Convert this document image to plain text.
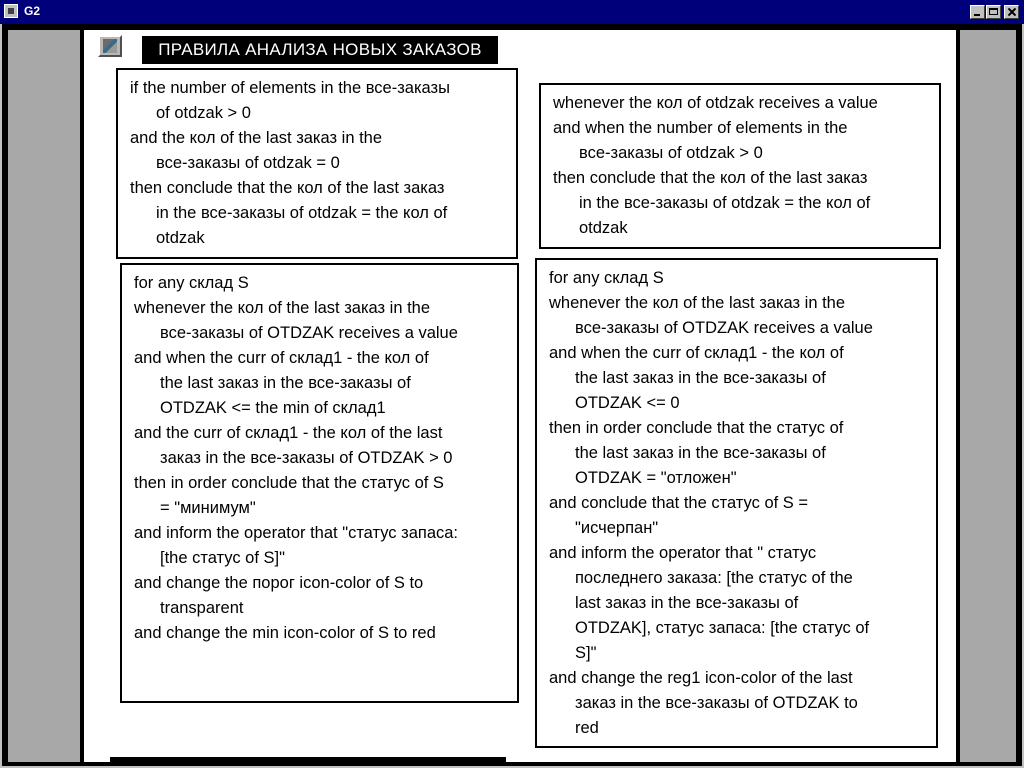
G2
ПРАВИЛА АНАЛИЗА НОВЫХ ЗАКАЗОВ
if the number of elements in the все-заказы
of otdzak > 0
and the кол of the last заказ in the
все-заказы of otdzak = 0
then conclude that the кол of the last заказ
in the все-заказы of otdzak = the кол of
otdzak
whenever the кол of otdzak receives a value
and when the number of elements in the
все-заказы of otdzak > 0
then conclude that the кол of the last заказ
in the все-заказы of otdzak = the кол of
otdzak
for any склад S
whenever the кол of the last заказ in the
все-заказы of OTDZAK receives a value
and when the curr of склад1 - the кол of
the last заказ in the все-заказы of
OTDZAK <= the min of склад1
and the curr of склад1 - the кол of the last
заказ in the все-заказы of OTDZAK > 0
then in order conclude that the статус of S
= "минимум"
and inform the operator that "статус запаса:
[the статус of S]"
and change the порог icon-color of S to
transparent
and change the min icon-color of S to red
for any склад S
whenever the кол of the last заказ in the
все-заказы of OTDZAK receives a value
and when the curr of склад1 - the кол of
the last заказ in the все-заказы of
OTDZAK <= 0
then in order conclude that the статус of
the last заказ in the все-заказы of
OTDZAK = "отложен"
and conclude that the статус of S =
"исчерпан"
and inform the operator that " статус
последнего заказа: [the статус of the
last заказ in the все-заказы of
OTDZAK], статус запаса: [the статус of
S]"
and change the reg1 icon-color of the last
заказ in the все-заказы of OTDZAK to
red
